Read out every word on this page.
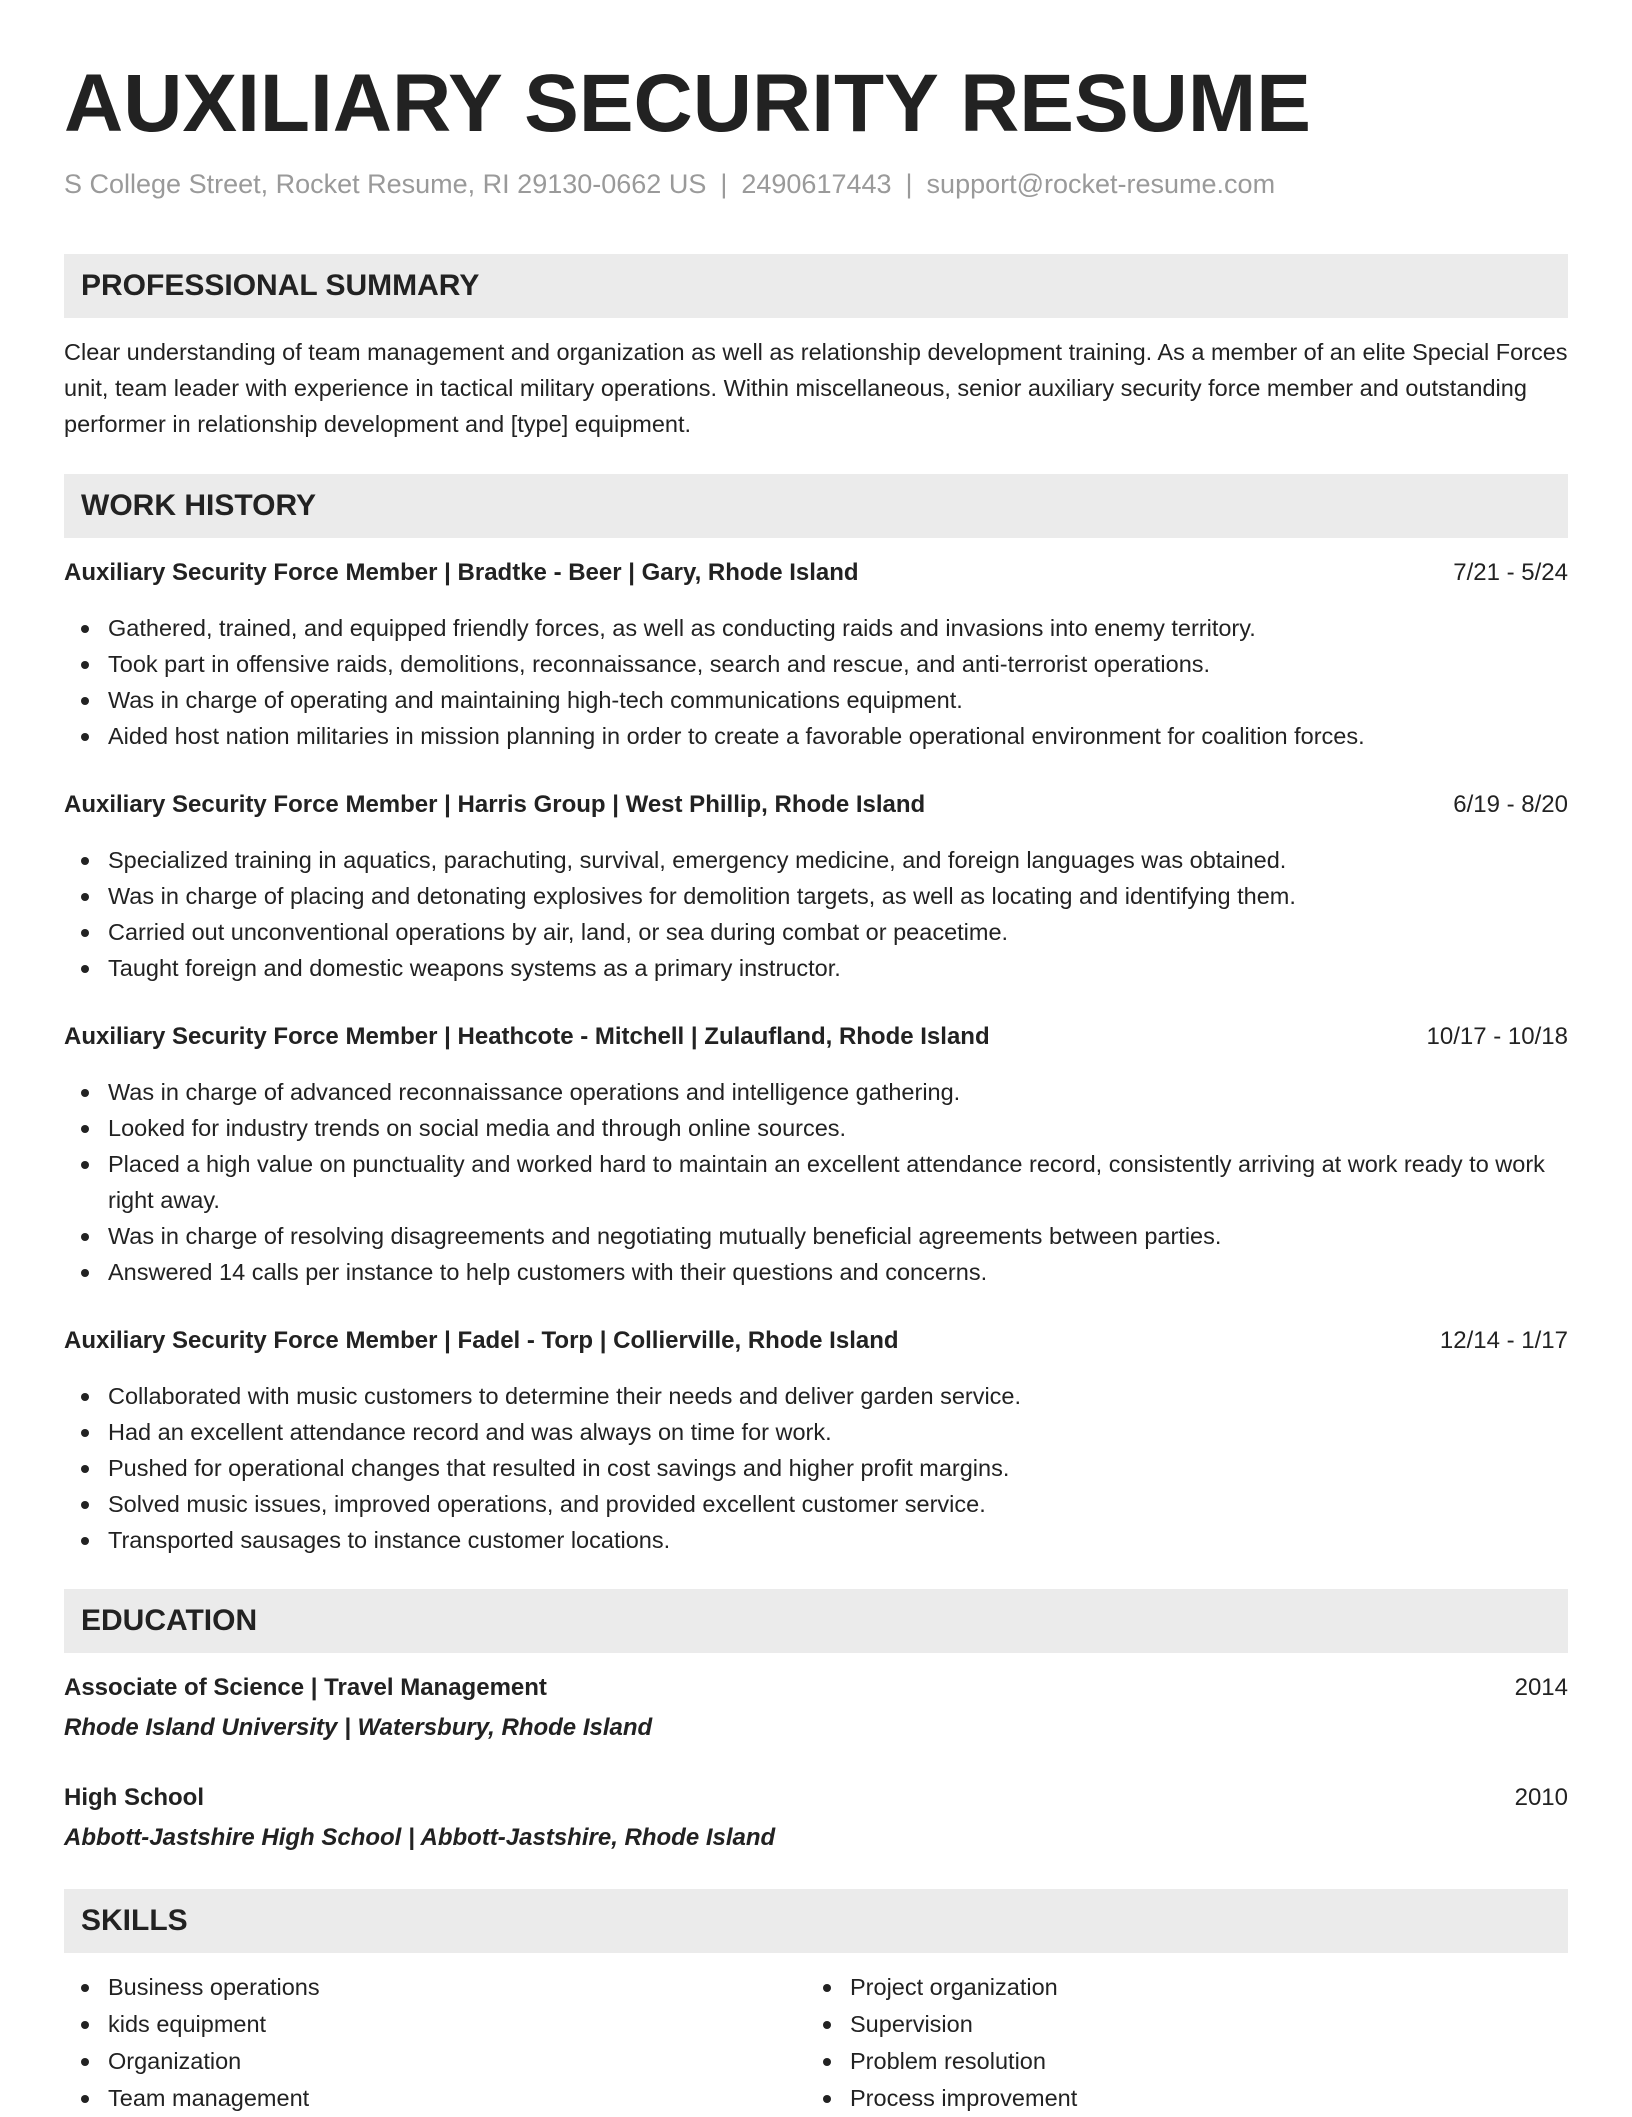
AUXILIARY SECURITY RESUME
S College Street, Rocket Resume, RI 29130-0662 US | 2490617443 | support@rocket-resume.com
PROFESSIONAL SUMMARY

Clear understanding of team management and organization as well as relationship development training. As a member of an elite Special Forces unit, team leader with experience in tactical military operations. Within miscellaneous, senior auxiliary security force member and outstanding performer in relationship development and [type] equipment.

WORK HISTORY
Auxiliary Security Force Member | Bradtke - Beer | Gary, Rhode Island	7/21 - 5/24
Gathered, trained, and equipped friendly forces, as well as conducting raids and invasions into enemy territory.
Took part in offensive raids, demolitions, reconnaissance, search and rescue, and anti-terrorist operations.
Was in charge of operating and maintaining high-tech communications equipment.
Aided host nation militaries in mission planning in order to create a favorable operational environment for coalition forces.
Auxiliary Security Force Member | Harris Group | West Phillip, Rhode Island	6/19 - 8/20
Specialized training in aquatics, parachuting, survival, emergency medicine, and foreign languages was obtained.
Was in charge of placing and detonating explosives for demolition targets, as well as locating and identifying them.
Carried out unconventional operations by air, land, or sea during combat or peacetime.
Taught foreign and domestic weapons systems as a primary instructor.
Auxiliary Security Force Member | Heathcote - Mitchell | Zulaufland, Rhode Island	10/17 - 10/18
Was in charge of advanced reconnaissance operations and intelligence gathering.
Looked for industry trends on social media and through online sources.
Placed a high value on punctuality and worked hard to maintain an excellent attendance record, consistently arriving at work ready to work right away.
Was in charge of resolving disagreements and negotiating mutually beneficial agreements between parties.
Answered 14 calls per instance to help customers with their questions and concerns.
Auxiliary Security Force Member | Fadel - Torp | Collierville, Rhode Island	12/14 - 1/17
Collaborated with music customers to determine their needs and deliver garden service.
Had an excellent attendance record and was always on time for work.
Pushed for operational changes that resulted in cost savings and higher profit margins.
Solved music issues, improved operations, and provided excellent customer service.
Transported sausages to instance customer locations.
EDUCATION
Associate of Science | Travel Management	2014
Rhode Island University | Watersbury, Rhode Island
High School	2010
Abbott-Jastshire High School | Abbott-Jastshire, Rhode Island
SKILLS
Business operations
kids equipment
Organization
Team management
Project organization
Supervision
Problem resolution
Process improvement
